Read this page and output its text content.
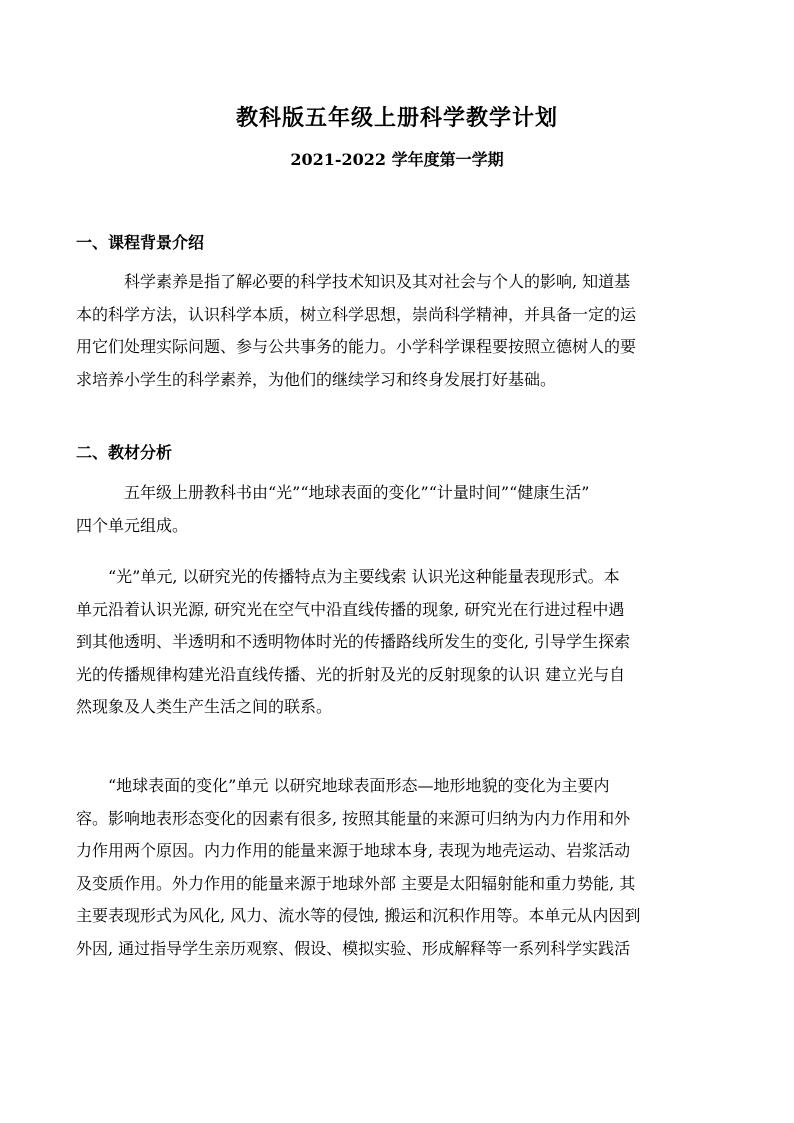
教科版五年级上册科学教学计划
2021-2022 学年度第一学期
一、课程背景介绍
科学素养是指了解必要的科学技术知识及其对社会与个人的影响, 知道基
本的科学方法，认识科学本质，树立科学思想，崇尚科学精神，并具备一定的运
用它们处理实际问题、参与公共事务的能力。小学科学课程要按照立德树人的要
求培养小学生的科学素养，为他们的继续学习和终身发展打好基础。
二、教材分析
五年级上册教科书由“光”“地球表面的变化”“计量时间”“健康生活”
四个单元组成。
“光”单元, 以研究光的传播特点为主要线索 认识光这种能量表现形式。本
单元沿着认识光源, 研究光在空气中沿直线传播的现象, 研究光在行进过程中遇
到其他透明、半透明和不透明物体时光的传播路线所发生的变化, 引导学生探索
光的传播规律构建光沿直线传播、光的折射及光的反射现象的认识 建立光与自
然现象及人类生产生活之间的联系。
“地球表面的变化”单元 以研究地球表面形态—地形地貌的变化为主要内
容。影响地表形态变化的因素有很多, 按照其能量的来源可归纳为内力作用和外
力作用两个原因。内力作用的能量来源于地球本身, 表现为地壳运动、岩浆活动
及变质作用。外力作用的能量来源于地球外部 主要是太阳辐射能和重力势能, 其
主要表现形式为风化, 风力、流水等的侵蚀, 搬运和沉积作用等。本单元从内因到
外因, 通过指导学生亲历观察、假设、模拟实验、形成解释等一系列科学实践活
